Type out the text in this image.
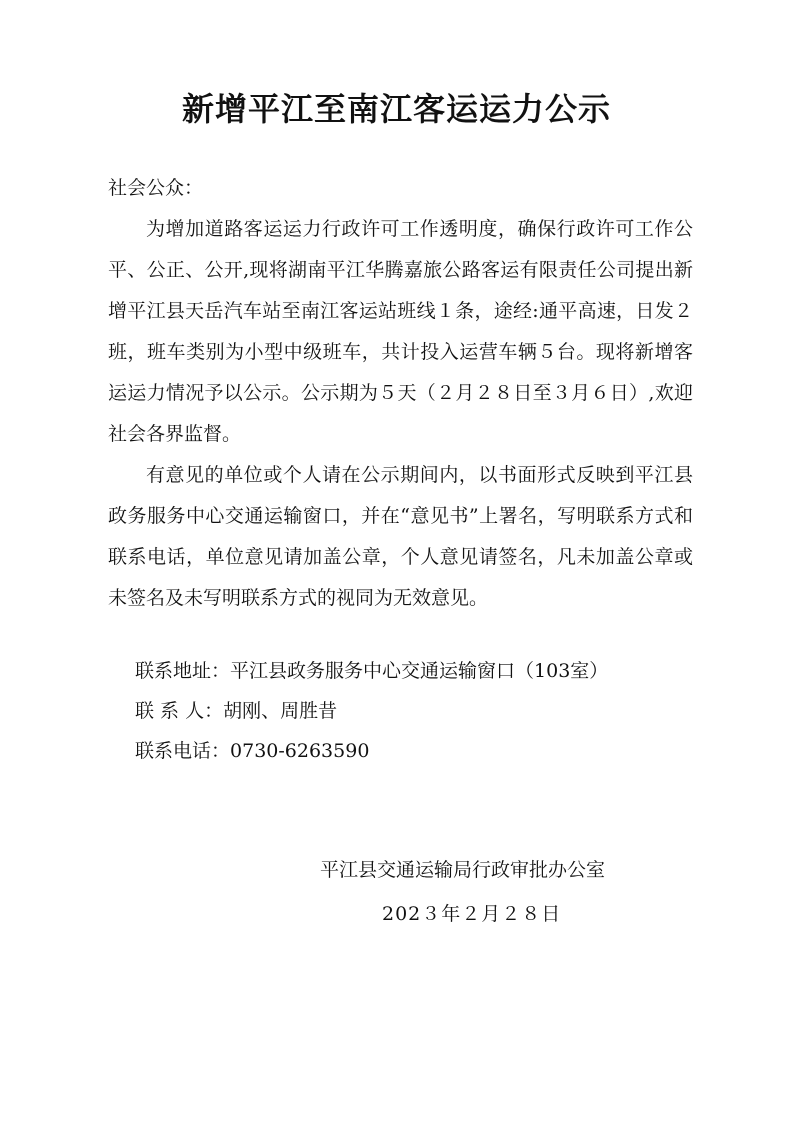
新增平江至南江客运运力公示

社会公众：

为增加道路客运运力行政许可工作透明度，确保行政许可工作公平、公正、公开,现将湖南平江华腾嘉旅公路客运有限责任公司提出新增平江县天岳汽车站至南江客运站班线１条，途经:通平高速，日发２班，班车类别为小型中级班车，共计投入运营车辆５台。现将新增客运运力情况予以公示。公示期为５天（２月２８日至３月６日）,欢迎社会各界监督。

有意见的单位或个人请在公示期间内，以书面形式反映到平江县政务服务中心交通运输窗口，并在“意见书”上署名，写明联系方式和联系电话，单位意见请加盖公章，个人意见请签名，凡未加盖公章或未签名及未写明联系方式的视同为无效意见。

联系地址：平江县政务服务中心交通运输窗口（103室）

联 系 人：胡刚、周胜昔

联系电话：0730-6263590

平江县交通运输局行政审批办公室

202３年２月２８日
